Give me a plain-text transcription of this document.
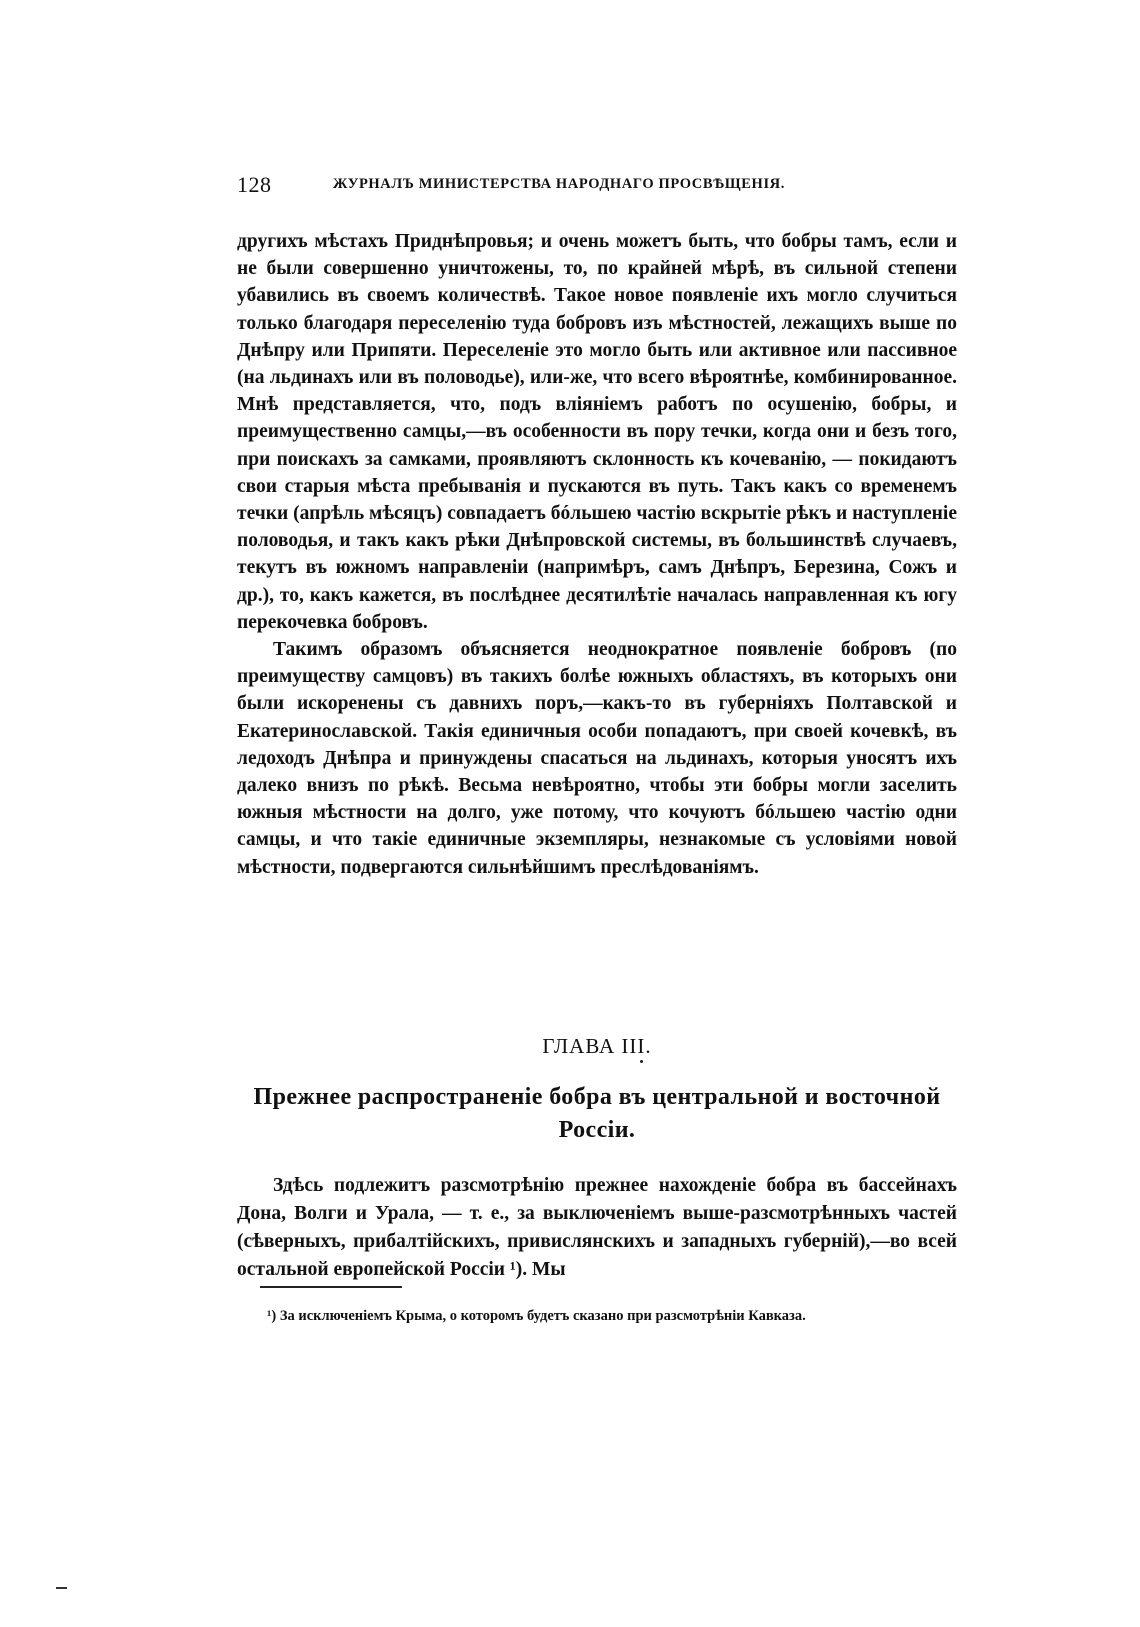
128	ЖУРНАЛЪ МИНИСТЕРСТВА НАРОДНАГО ПРОСВѢЩЕНІЯ.

другихъ мѣстахъ Приднѣпровья; и очень можетъ быть, что бобры тамъ, если и не были совершенно уничтожены, то, по крайней мѣрѣ, въ сильной степени убавились въ своемъ количествѣ. Такое новое появленіе ихъ могло случиться только благодаря переселенію туда бобровъ изъ мѣстностей, лежащихъ выше по Днѣпру или Припяти. Переселеніе это могло быть или активное или пассивное (на льдинахъ или въ половодье), или-же, что всего вѣроятнѣе, комбинированное. Мнѣ представляется, что, подъ вліяніемъ работъ по осушенію, бобры, и преимущественно самцы,—въ особенности въ пору течки, когда они и безъ того, при поискахъ за самками, проявляютъ склонность къ кочеванію, — покидаютъ свои старыя мѣста пребыванія и пускаются въ путь. Такъ какъ со временемъ течки (апрѣль мѣсяцъ) совпадаетъ бóльшею частію вскрытіе рѣкъ и наступленіе половодья, и такъ какъ рѣки Днѣпровской системы, въ большинствѣ случаевъ, текутъ въ южномъ направленіи (напримѣръ, самъ Днѣпръ, Березина, Сожъ и др.), то, какъ кажется, въ послѣднее десятилѣтіе началась направленная къ югу перекочевка бобровъ.

Такимъ образомъ объясняется неоднократное появленіе бобровъ (по преимуществу самцовъ) въ такихъ болѣе южныхъ областяхъ, въ которыхъ они были искоренены съ давнихъ поръ,—какъ-то въ губерніяхъ Полтавской и Екатеринославской. Такія единичныя особи попадаютъ, при своей кочевкѣ, въ ледоходъ Днѣпра и принуждены спасаться на льдинахъ, которыя уносятъ ихъ далеко внизъ по рѣкѣ. Весьма невѣроятно, чтобы эти бобры могли заселить южныя мѣстности на долго, уже потому, что кочуютъ бóльшею частію одни самцы, и что такіе единичные экземпляры, незнакомые съ условіями новой мѣстности, подвергаются сильнѣйшимъ преслѣдованіямъ.

ГЛАВА III.

Прежнее распространеніе бобра въ центральной и восточной Россіи.

Здѣсь подлежитъ разсмотрѣнію прежнее нахожденіе бобра въ бассейнахъ Дона, Волги и Урала, — т. е., за выключеніемъ выше-разсмотрѣнныхъ частей (сѣверныхъ, прибалтійскихъ, привислянскихъ и западныхъ губерній),—во всей остальной европейской Россіи ¹). Мы

¹) За исключеніемъ Крыма, о которомъ будетъ сказано при разсмотрѣніи Кавказа.
